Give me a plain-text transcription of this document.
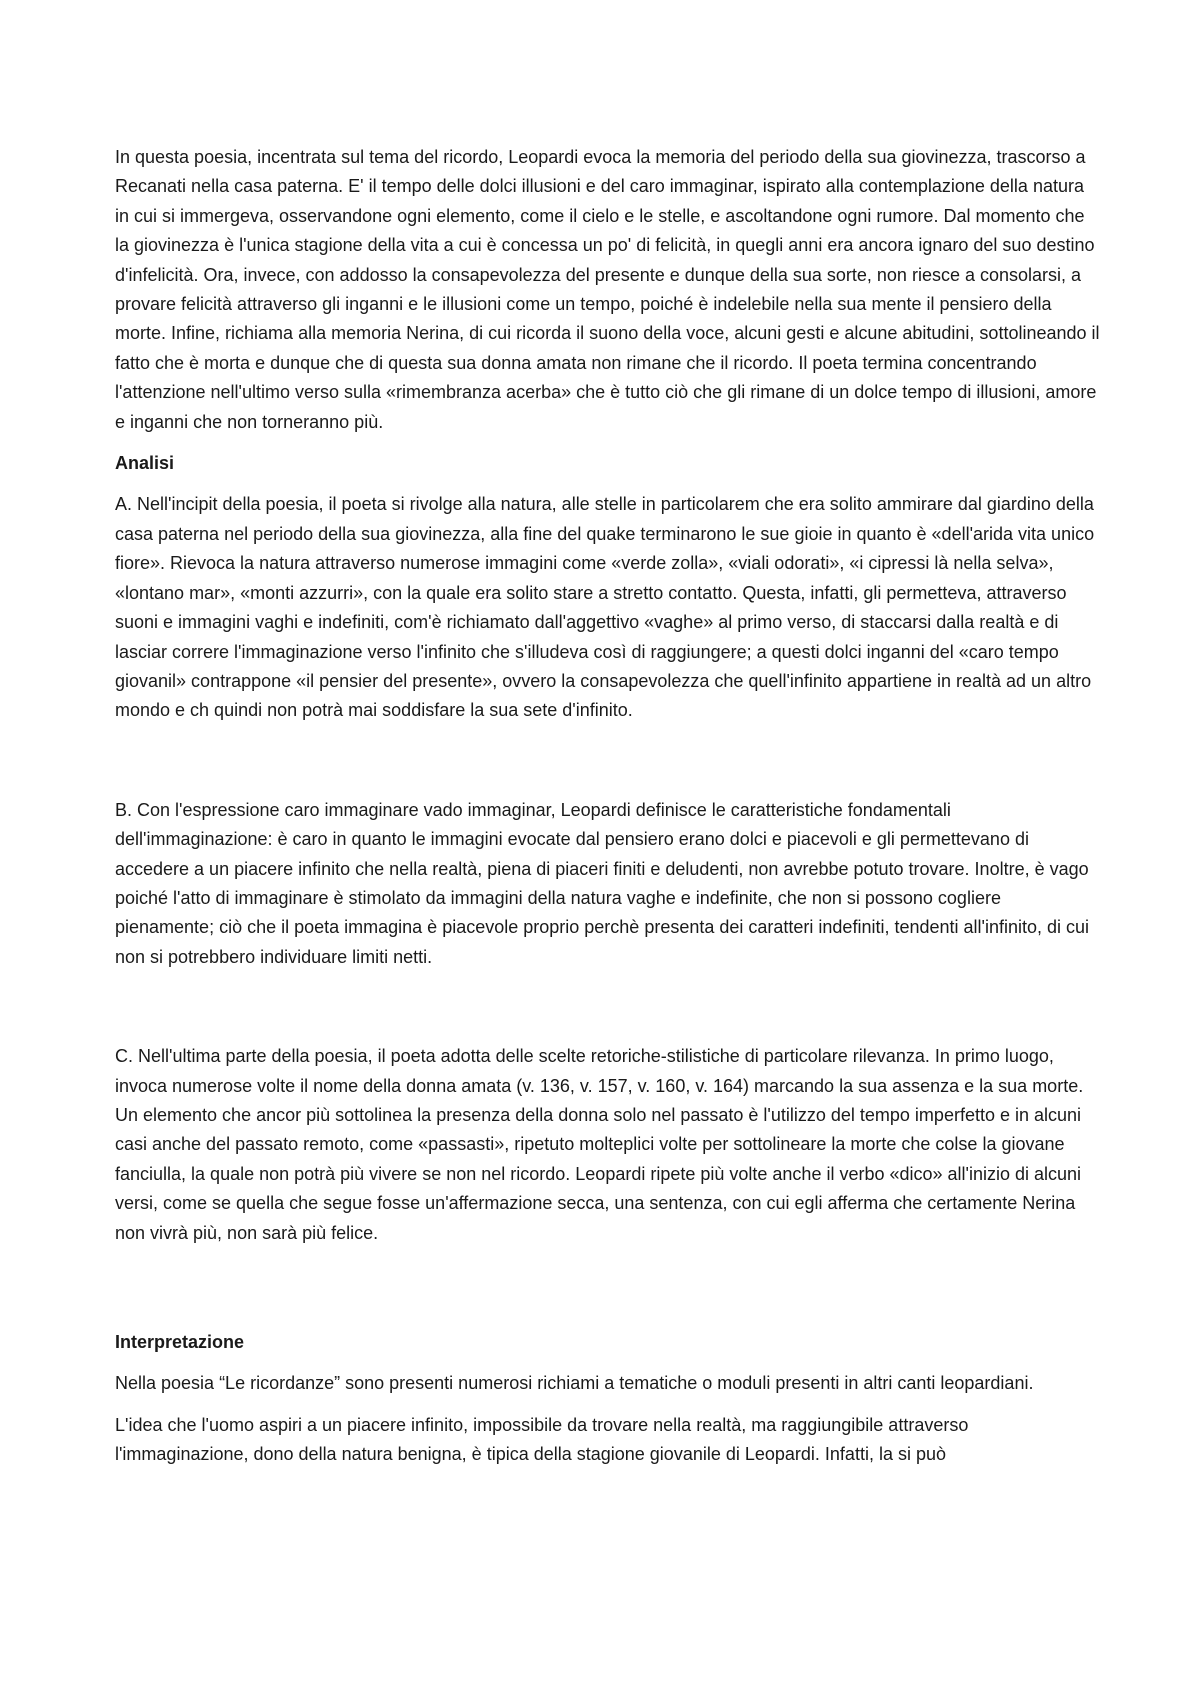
In questa poesia, incentrata sul tema del ricordo, Leopardi evoca la memoria del periodo della sua giovinezza, trascorso a Recanati nella casa paterna. E' il tempo delle dolci illusioni e del caro immaginar, ispirato alla contemplazione della natura in cui si immergeva, osservandone ogni elemento, come il cielo e le stelle, e ascoltandone ogni rumore. Dal momento che la giovinezza è l'unica stagione della vita a cui è concessa un po' di felicità, in quegli anni era ancora ignaro del suo destino d'infelicità. Ora, invece, con addosso la consapevolezza del presente e dunque della sua sorte, non riesce a consolarsi, a provare felicità attraverso gli inganni e le illusioni come un tempo, poiché è indelebile nella sua mente il pensiero della morte. Infine, richiama alla memoria Nerina, di cui ricorda il suono della voce, alcuni gesti e alcune abitudini, sottolineando il fatto che è morta e dunque che di questa sua donna amata non rimane che il ricordo. Il poeta termina concentrando l'attenzione nell'ultimo verso sulla «rimembranza acerba» che è tutto ciò che gli rimane di un dolce tempo di illusioni, amore e inganni che non torneranno più.

Analisi

A. Nell'incipit della poesia, il poeta si rivolge alla natura, alle stelle in particolarem che era solito ammirare dal giardino della casa paterna nel periodo della sua giovinezza, alla fine del quake terminarono le sue gioie in quanto è «dell'arida vita unico fiore». Rievoca la natura attraverso numerose immagini come «verde zolla», «viali odorati», «i cipressi là nella selva», «lontano mar», «monti azzurri», con la quale era solito stare a stretto contatto. Questa, infatti, gli permetteva, attraverso suoni e immagini vaghi e indefiniti, com'è richiamato dall'aggettivo «vaghe» al primo verso, di staccarsi dalla realtà e di lasciar correre l'immaginazione verso l'infinito che s'illudeva così di raggiungere; a questi dolci inganni del «caro tempo giovanil» contrappone «il pensier del presente», ovvero la consapevolezza che quell'infinito appartiene in realtà ad un altro mondo e ch quindi non potrà mai soddisfare la sua sete d'infinito.

B. Con l'espressione caro immaginare vado immaginar, Leopardi definisce le caratteristiche fondamentali dell'immaginazione: è caro in quanto le immagini evocate dal pensiero erano dolci e piacevoli e gli permettevano di accedere a un piacere infinito che nella realtà, piena di piaceri finiti e deludenti, non avrebbe potuto trovare. Inoltre, è vago poiché l'atto di immaginare è stimolato da immagini della natura vaghe e indefinite, che non si possono cogliere pienamente; ciò che il poeta immagina è piacevole proprio perchè presenta dei caratteri indefiniti, tendenti all'infinito, di cui non si potrebbero individuare limiti netti.

C. Nell'ultima parte della poesia, il poeta adotta delle scelte retoriche-stilistiche di particolare rilevanza. In primo luogo, invoca numerose volte il nome della donna amata (v. 136, v. 157, v. 160, v. 164) marcando la sua assenza e la sua morte. Un elemento che ancor più sottolinea la presenza della donna solo nel passato è l'utilizzo del tempo imperfetto e in alcuni casi anche del passato remoto, come «passasti», ripetuto molteplici volte per sottolineare la morte che colse la giovane fanciulla, la quale non potrà più vivere se non nel ricordo. Leopardi ripete più volte anche il verbo «dico» all'inizio di alcuni versi, come se quella che segue fosse un'affermazione secca, una sentenza, con cui egli afferma che certamente Nerina non vivrà più, non sarà più felice.

Interpretazione

Nella poesia “Le ricordanze” sono presenti numerosi richiami a tematiche o moduli presenti in altri canti leopardiani.

L'idea che l'uomo aspiri a un piacere infinito, impossibile da trovare nella realtà, ma raggiungibile attraverso l'immaginazione, dono della natura benigna, è tipica della stagione giovanile di Leopardi. Infatti, la si può
